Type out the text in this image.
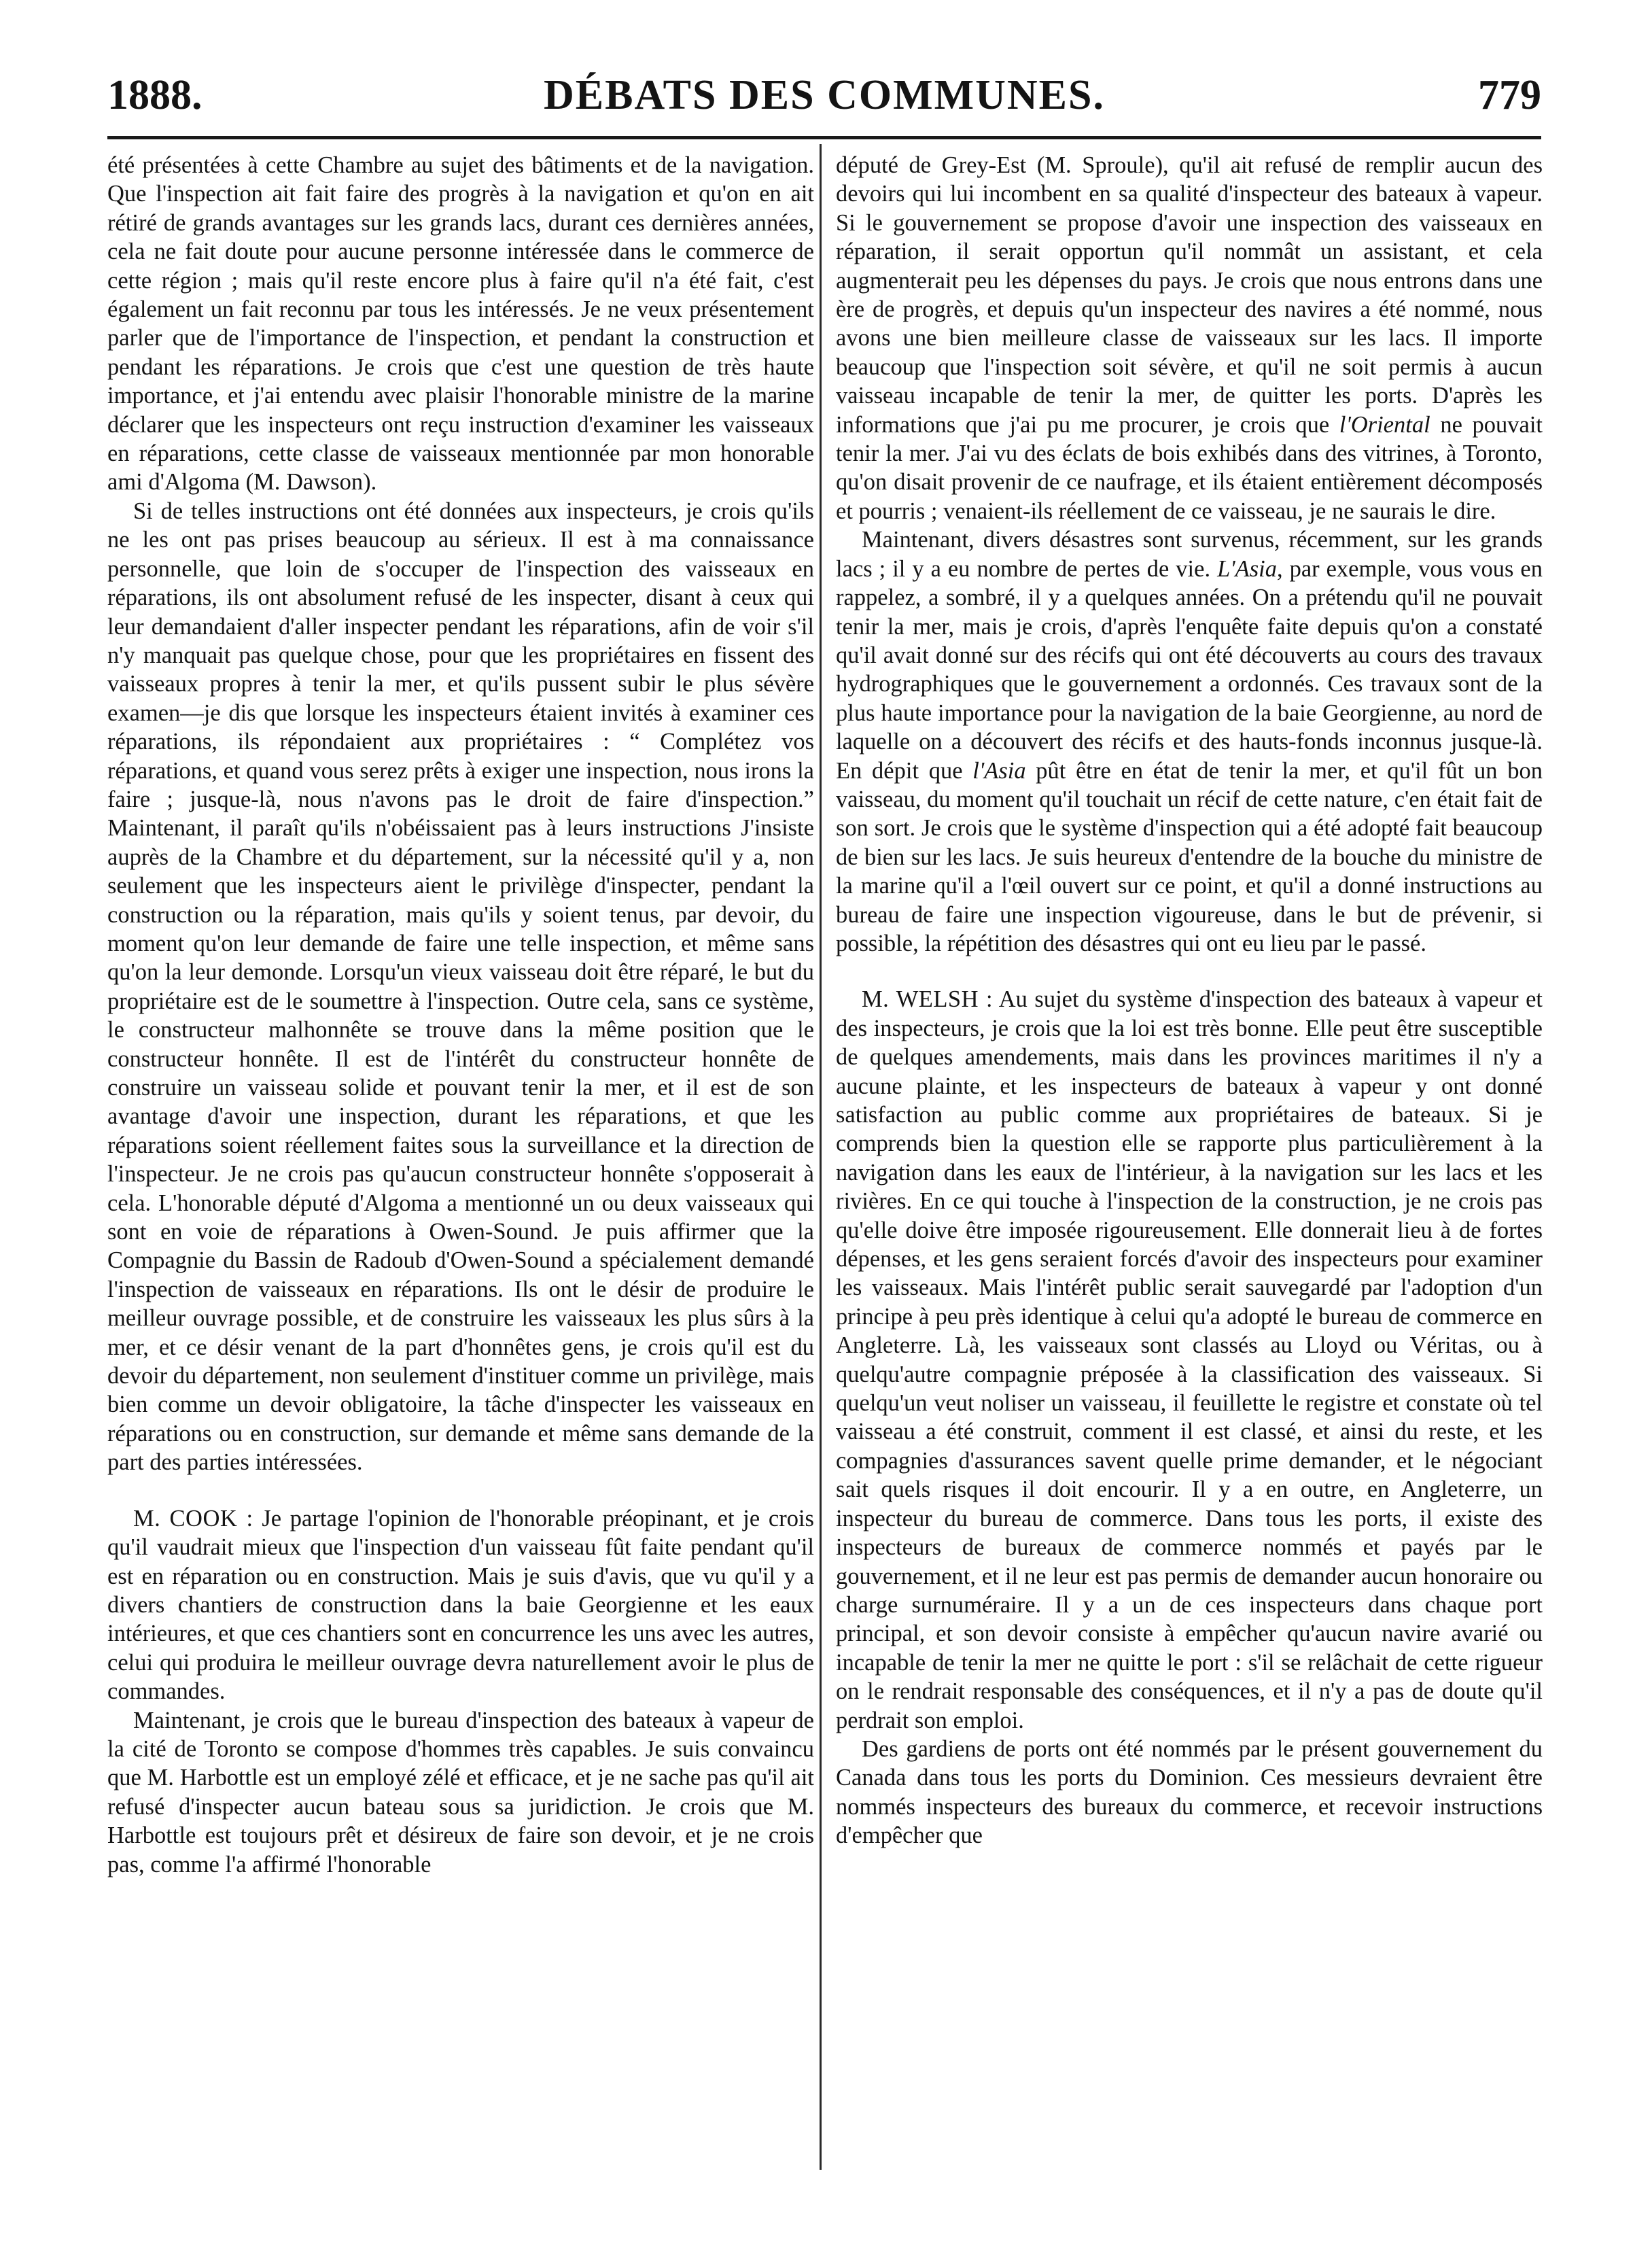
1888.	DÉBATS DES COMMUNES.	779

été présentées à cette Chambre au sujet des bâtiments et de la navigation. Que l'inspection ait fait faire des progrès à la navigation et qu'on en ait rétiré de grands avantages sur les grands lacs, durant ces dernières années, cela ne fait doute pour aucune personne intéressée dans le commerce de cette région ; mais qu'il reste encore plus à faire qu'il n'a été fait, c'est également un fait reconnu par tous les intéressés. Je ne veux présentement parler que de l'importance de l'inspection, et pendant la construction et pendant les réparations. Je crois que c'est une question de très haute importance, et j'ai entendu avec plaisir l'honorable ministre de la marine déclarer que les inspecteurs ont reçu instruction d'examiner les vaisseaux en réparations, cette classe de vaisseaux mentionnée par mon honorable ami d'Algoma (M. Dawson).

Si de telles instructions ont été données aux inspecteurs, je crois qu'ils ne les ont pas prises beaucoup au sérieux. Il est à ma connaissance personnelle, que loin de s'occuper de l'inspection des vaisseaux en réparations, ils ont absolument refusé de les inspecter, disant à ceux qui leur demandaient d'aller inspecter pendant les réparations, afin de voir s'il n'y manquait pas quelque chose, pour que les propriétaires en fissent des vaisseaux propres à tenir la mer, et qu'ils pussent subir le plus sévère examen—je dis que lorsque les inspecteurs étaient invités à examiner ces réparations, ils répondaient aux propriétaires : “ Complétez vos réparations, et quand vous serez prêts à exiger une inspection, nous irons la faire ; jusque-là, nous n'avons pas le droit de faire d'inspection.” Maintenant, il paraît qu'ils n'obéissaient pas à leurs instructions J'insiste auprès de la Chambre et du département, sur la nécessité qu'il y a, non seulement que les inspecteurs aient le privilège d'inspecter, pendant la construction ou la réparation, mais qu'ils y soient tenus, par devoir, du moment qu'on leur demande de faire une telle inspection, et même sans qu'on la leur demonde. Lorsqu'un vieux vaisseau doit être réparé, le but du propriétaire est de le soumettre à l'inspection. Outre cela, sans ce système, le constructeur malhonnête se trouve dans la même position que le constructeur honnête. Il est de l'intérêt du constructeur honnête de construire un vaisseau solide et pouvant tenir la mer, et il est de son avantage d'avoir une inspection, durant les réparations, et que les réparations soient réellement faites sous la surveillance et la direction de l'inspecteur. Je ne crois pas qu'aucun constructeur honnête s'opposerait à cela. L'honorable député d'Algoma a mentionné un ou deux vaisseaux qui sont en voie de réparations à Owen-Sound. Je puis affirmer que la Compagnie du Bassin de Radoub d'Owen-Sound a spécialement demandé l'inspection de vaisseaux en réparations. Ils ont le désir de produire le meilleur ouvrage possible, et de construire les vaisseaux les plus sûrs à la mer, et ce désir venant de la part d'honnêtes gens, je crois qu'il est du devoir du département, non seulement d'instituer comme un privilège, mais bien comme un devoir obligatoire, la tâche d'inspecter les vaisseaux en réparations ou en construction, sur demande et même sans demande de la part des parties intéressées.

M. COOK : Je partage l'opinion de l'honorable préopinant, et je crois qu'il vaudrait mieux que l'inspection d'un vaisseau fût faite pendant qu'il est en réparation ou en construction. Mais je suis d'avis, que vu qu'il y a divers chantiers de construction dans la baie Georgienne et les eaux intérieures, et que ces chantiers sont en concurrence les uns avec les autres, celui qui produira le meilleur ouvrage devra naturellement avoir le plus de commandes.

Maintenant, je crois que le bureau d'inspection des bateaux à vapeur de la cité de Toronto se compose d'hommes très capables. Je suis convaincu que M. Harbottle est un employé zélé et efficace, et je ne sache pas qu'il ait refusé d'inspecter aucun bateau sous sa juridiction. Je crois que M. Harbottle est toujours prêt et désireux de faire son devoir, et je ne crois pas, comme l'a affirmé l'honorable

député de Grey-Est (M. Sproule), qu'il ait refusé de remplir aucun des devoirs qui lui incombent en sa qualité d'inspecteur des bateaux à vapeur. Si le gouvernement se propose d'avoir une inspection des vaisseaux en réparation, il serait opportun qu'il nommât un assistant, et cela augmenterait peu les dépenses du pays. Je crois que nous entrons dans une ère de progrès, et depuis qu'un inspecteur des navires a été nommé, nous avons une bien meilleure classe de vaisseaux sur les lacs. Il importe beaucoup que l'inspection soit sévère, et qu'il ne soit permis à aucun vaisseau incapable de tenir la mer, de quitter les ports. D'après les informations que j'ai pu me procurer, je crois que l'Oriental ne pouvait tenir la mer. J'ai vu des éclats de bois exhibés dans des vitrines, à Toronto, qu'on disait provenir de ce naufrage, et ils étaient entièrement décomposés et pourris ; venaient-ils réellement de ce vaisseau, je ne saurais le dire.

Maintenant, divers désastres sont survenus, récemment, sur les grands lacs ; il y a eu nombre de pertes de vie. L'Asia, par exemple, vous vous en rappelez, a sombré, il y a quelques années. On a prétendu qu'il ne pouvait tenir la mer, mais je crois, d'après l'enquête faite depuis qu'on a constaté qu'il avait donné sur des récifs qui ont été découverts au cours des travaux hydrographiques que le gouvernement a ordonnés. Ces travaux sont de la plus haute importance pour la navigation de la baie Georgienne, au nord de laquelle on a découvert des récifs et des hauts-fonds inconnus jusque-là. En dépit que l'Asia pût être en état de tenir la mer, et qu'il fût un bon vaisseau, du moment qu'il touchait un récif de cette nature, c'en était fait de son sort. Je crois que le système d'inspection qui a été adopté fait beaucoup de bien sur les lacs. Je suis heureux d'entendre de la bouche du ministre de la marine qu'il a l'œil ouvert sur ce point, et qu'il a donné instructions au bureau de faire une inspection vigoureuse, dans le but de prévenir, si possible, la répétition des désastres qui ont eu lieu par le passé.

M. WELSH : Au sujet du système d'inspection des bateaux à vapeur et des inspecteurs, je crois que la loi est très bonne. Elle peut être susceptible de quelques amendements, mais dans les provinces maritimes il n'y a aucune plainte, et les inspecteurs de bateaux à vapeur y ont donné satisfaction au public comme aux propriétaires de bateaux. Si je comprends bien la question elle se rapporte plus particulièrement à la navigation dans les eaux de l'intérieur, à la navigation sur les lacs et les rivières. En ce qui touche à l'inspection de la construction, je ne crois pas qu'elle doive être imposée rigoureusement. Elle donnerait lieu à de fortes dépenses, et les gens seraient forcés d'avoir des inspecteurs pour examiner les vaisseaux. Mais l'intérêt public serait sauvegardé par l'adoption d'un principe à peu près identique à celui qu'a adopté le bureau de commerce en Angleterre. Là, les vaisseaux sont classés au Lloyd ou Véritas, ou à quelqu'autre compagnie préposée à la classification des vaisseaux. Si quelqu'un veut noliser un vaisseau, il feuillette le registre et constate où tel vaisseau a été construit, comment il est classé, et ainsi du reste, et les compagnies d'assurances savent quelle prime demander, et le négociant sait quels risques il doit encourir. Il y a en outre, en Angleterre, un inspecteur du bureau de commerce. Dans tous les ports, il existe des inspecteurs de bureaux de commerce nommés et payés par le gouvernement, et il ne leur est pas permis de demander aucun honoraire ou charge surnuméraire. Il y a un de ces inspecteurs dans chaque port principal, et son devoir consiste à empêcher qu'aucun navire avarié ou incapable de tenir la mer ne quitte le port : s'il se relâchait de cette rigueur on le rendrait responsable des conséquences, et il n'y a pas de doute qu'il perdrait son emploi.

Des gardiens de ports ont été nommés par le présent gouvernement du Canada dans tous les ports du Dominion. Ces messieurs devraient être nommés inspecteurs des bureaux du commerce, et recevoir instructions d'empêcher que
